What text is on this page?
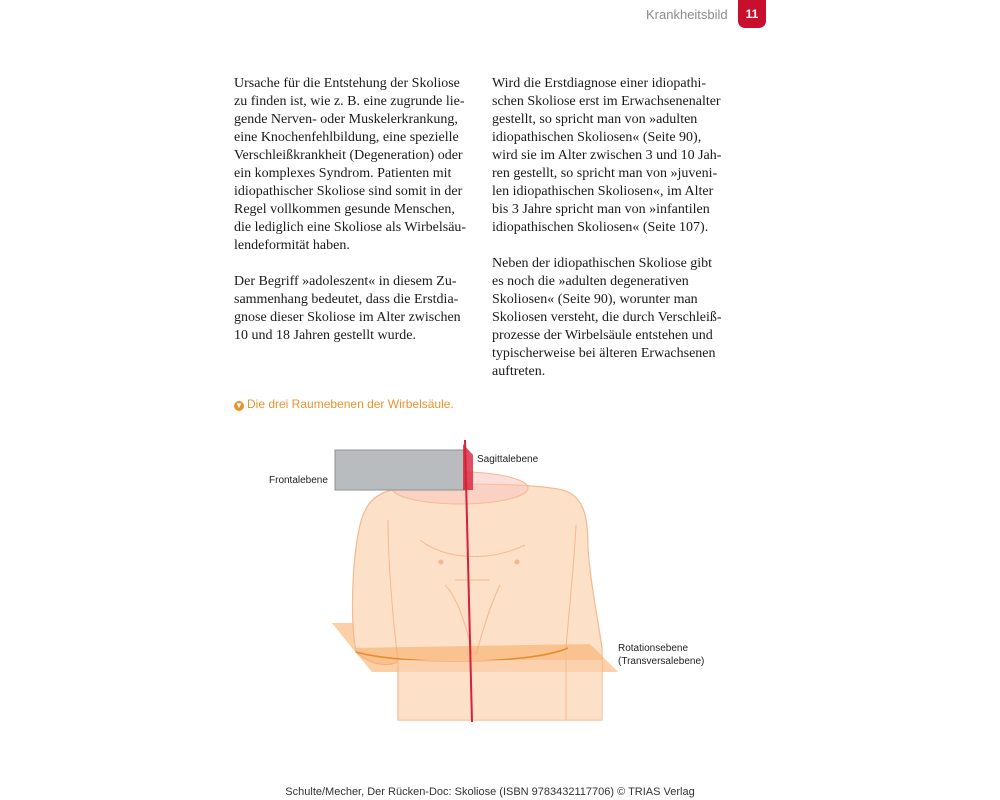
Krankheitsbild	11
Ursache für die Entstehung der Skoliose
zu finden ist, wie z. B. eine zugrunde lie-
gende Nerven- oder Muskelerkrankung,
eine Knochenfehlbildung, eine spezielle
Verschleißkrankheit (Degeneration) oder
ein komplexes Syndrom. Patienten mit
idiopathischer Skoliose sind somit in der
Regel vollkommen gesunde Menschen,
die lediglich eine Skoliose als Wirbelsäu-
lendeformität haben.
Der Begriff »adoleszent« in diesem Zu-
sammenhang bedeutet, dass die Erstdia-
gnose dieser Skoliose im Alter zwischen
10 und 18 Jahren gestellt wurde.
Wird die Erstdiagnose einer idiopathi-
schen Skoliose erst im Erwachsenenalter
gestellt, so spricht man von »adulten
idiopathischen Skoliosen« (Seite 90),
wird sie im Alter zwischen 3 und 10 Jah-
ren gestellt, so spricht man von »juveni-
len idiopathischen Skoliosen«, im Alter
bis 3 Jahre spricht man von »infantilen
idiopathischen Skoliosen« (Seite 107).
Neben der idiopathischen Skoliose gibt
es noch die »adulten degenerativen
Skoliosen« (Seite 90), worunter man
Skoliosen versteht, die durch Verschleiß-
prozesse der Wirbelsäule entstehen und
typischerweise bei älteren Erwachsenen
auftreten.
▼ Die drei Raumebenen der Wirbelsäule.
Frontalebene
Sagittalebene
Rotationsebene
(Transversalebene)
Schulte/Mecher, Der Rücken-Doc: Skoliose (ISBN 9783432117706) © TRIAS Verlag
